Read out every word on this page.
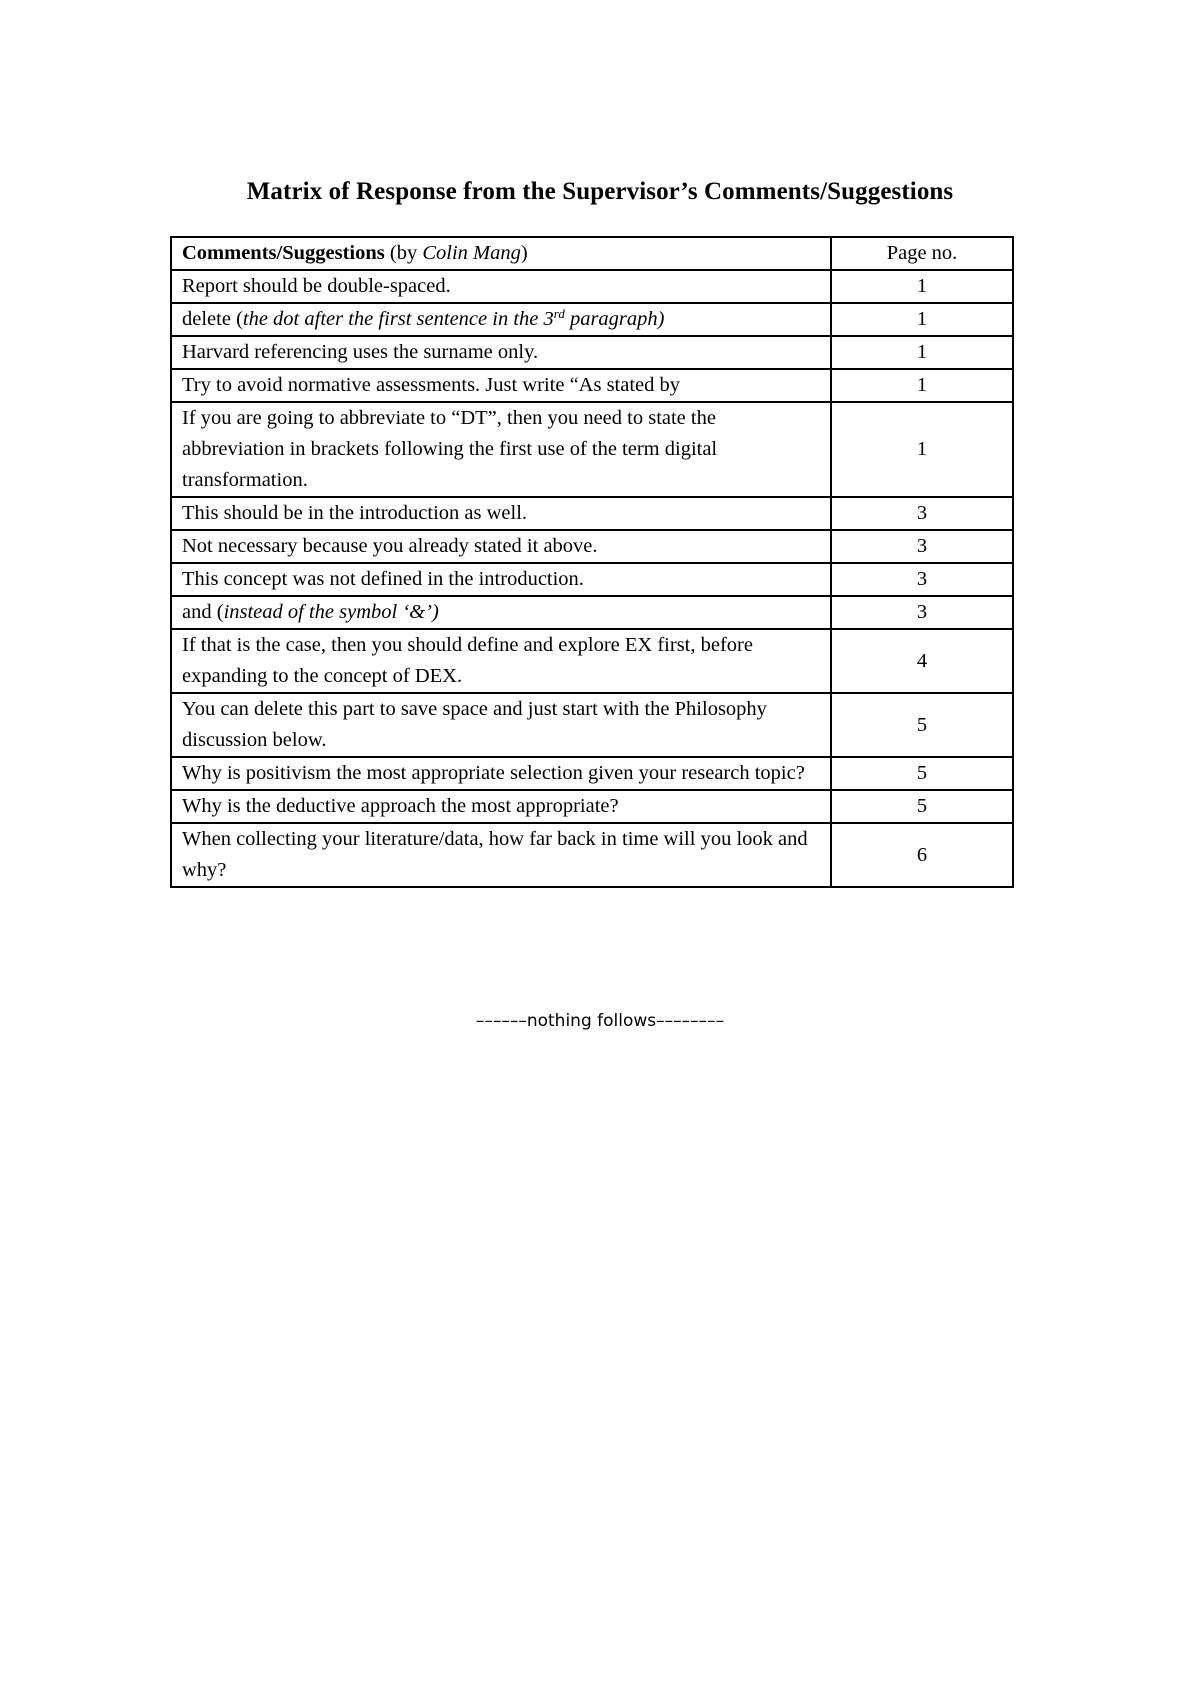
Matrix of Response from the Supervisor’s Comments/Suggestions
Comments/Suggestions (by Colin Mang)	Page no.
Report should be double-spaced.	1
delete (the dot after the first sentence in the 3rd paragraph)	1
Harvard referencing uses the surname only.	1
Try to avoid normative assessments. Just write “As stated by	1
If you are going to abbreviate to “DT”, then you need to state the abbreviation in brackets following the first use of the term digital transformation.	1
This should be in the introduction as well.	3
Not necessary because you already stated it above.	3
This concept was not defined in the introduction.	3
and (instead of the symbol ‘&’)	3
If that is the case, then you should define and explore EX first, before expanding to the concept of DEX.	4
You can delete this part to save space and just start with the Philosophy discussion below.	5
Why is positivism the most appropriate selection given your research topic?	5
Why is the deductive approach the most appropriate?	5
When collecting your literature/data, how far back in time will you look and why?	6
––––––nothing follows––––––––
